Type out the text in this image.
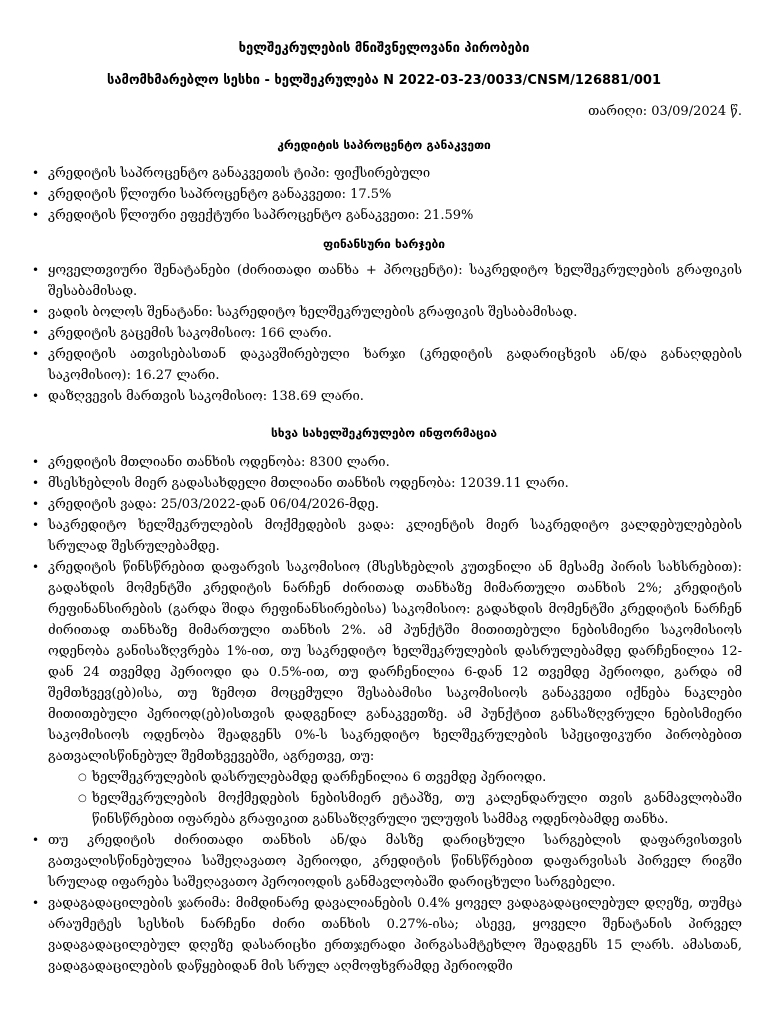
ხელშეკრულების მნიშვნელოვანი პირობები
სამომხმარებლო სესხი - ხელშეკრულება N 2022-03-23/0033/CNSM/126881/001
თარიღი: 03/09/2024 წ.
კრედიტის საპროცენტო განაკვეთი
• კრედიტის საპროცენტო განაკვეთის ტიპი: ფიქსირებული
• კრედიტის წლიური საპროცენტო განაკვეთი: 17.5%
• კრედიტის წლიური ეფექტური საპროცენტო განაკვეთი: 21.59%
ფინანსური ხარჯები
• ყოველთვიური შენატანები (ძირითადი თანხა + პროცენტი): საკრედიტო ხელშეკრულების გრაფიკის შესაბამისად.
• ვადის ბოლოს შენატანი: საკრედიტო ხელშეკრულების გრაფიკის შესაბამისად.
• კრედიტის გაცემის საკომისიო: 166 ლარი.
• კრედიტის ათვისებასთან დაკავშირებული ხარჯი (კრედიტის გადარიცხვის ან/და განაღდების საკომისიო): 16.27 ლარი.
• დაზღვევის მართვის საკომისიო: 138.69 ლარი.
სხვა სახელშეკრულებო ინფორმაცია
• კრედიტის მთლიანი თანხის ოდენობა: 8300 ლარი.
• მსესხებლის მიერ გადასახდელი მთლიანი თანხის ოდენობა: 12039.11 ლარი.
• კრედიტის ვადა: 25/03/2022-დან 06/04/2026-მდე.
• საკრედიტო ხელშეკრულების მოქმედების ვადა: კლიენტის მიერ საკრედიტო ვალდებულებების სრულად შესრულებამდე.
• კრედიტის წინსწრებით დაფარვის საკომისიო (მსესხებლის კუთვნილი ან მესამე პირის სახსრებით): გადახდის მომენტში კრედიტის ნარჩენ ძირითად თანხაზე მიმართული თანხის 2%; კრედიტის რეფინანსირების (გარდა შიდა რეფინანსირებისა) საკომისიო: გადახდის მომენტში კრედიტის ნარჩენ ძირითად თანხაზე მიმართული თანხის 2%. ამ პუნქტში მითითებული ნებისმიერი საკომისიოს ოდენობა განისაზღვრება 1%-ით, თუ საკრედიტო ხელშეკრულების დასრულებამდე დარჩენილია 12-დან 24 თვემდე პერიოდი და 0.5%-ით, თუ დარჩენილია 6-დან 12 თვემდე პერიოდი, გარდა იმ შემთხვევ(ებ)ისა, თუ ზემოთ მოცემული შესაბამისი საკომისიოს განაკვეთი იქნება ნაკლები მითითებული პერიოდ(ებ)ისთვის დადგენილ განაკვეთზე. ამ პუნქტით განსაზღვრული ნებისმიერი საკომისიოს ოდენობა შეადგენს 0%-ს საკრედიტო ხელშეკრულების სპეციფიკური პირობებით გათვალისწინებულ შემთხვევებში, აგრეთვე, თუ:
○ ხელშეკრულების დასრულებამდე დარჩენილია 6 თვემდე პერიოდი.
○ ხელშეკრულების მოქმედების ნებისმიერ ეტაპზე, თუ კალენდარული თვის განმავლობაში წინსწრებით იფარება გრაფიკით განსაზღვრული ულუფის სამმაგ ოდენობამდე თანხა.
• თუ კრედიტის ძირითადი თანხის ან/და მასზე დარიცხული სარგებლის დაფარვისთვის გათვალისწინებულია საშეღავათო პერიოდი, კრედიტის წინსწრებით დაფარვისას პირველ რიგში სრულად იფარება საშეღავათო პეროიოდის განმავლობაში დარიცხული სარგებელი.
• ვადაგადაცილების ჯარიმა: მიმდინარე დავალიანების 0.4% ყოველ ვადაგადაცილებულ დღეზე, თუმცა არაუმეტეს სესხის ნარჩენი ძირი თანხის 0.27%-ისა; ასევე, ყოველი შენატანის პირველ ვადაგადაცილებულ დღეზე დასარიცხი ერთჯერადი პირგასამტეხლო შეადგენს 15 ლარს. ამასთან, ვადაგადაცილების დაწყებიდან მის სრულ აღმოფხვრამდე პერიოდში
